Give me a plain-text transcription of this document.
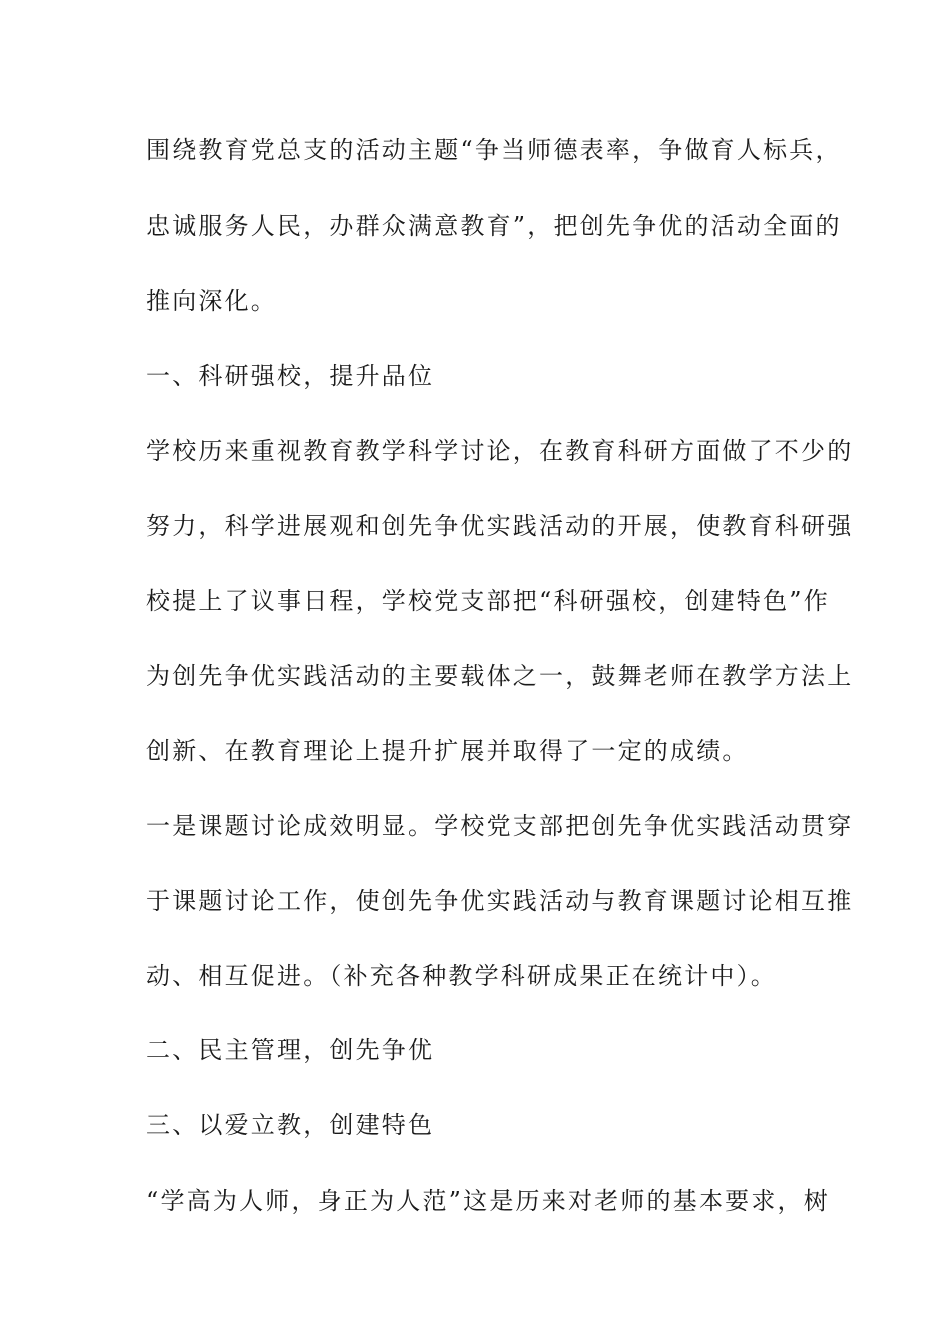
围绕教育党总支的活动主题“争当师德表率，争做育人标兵，
忠诚服务人民，办群众满意教育”，把创先争优的活动全面的
推向深化。
一、科研强校，提升品位
学校历来重视教育教学科学讨论，在教育科研方面做了不少的
努力，科学进展观和创先争优实践活动的开展，使教育科研强
校提上了议事日程，学校党支部把“科研强校，创建特色”作
为创先争优实践活动的主要载体之一，鼓舞老师在教学方法上
创新、在教育理论上提升扩展并取得了一定的成绩。
一是课题讨论成效明显。学校党支部把创先争优实践活动贯穿
于课题讨论工作，使创先争优实践活动与教育课题讨论相互推
动、相互促进。（补充各种教学科研成果正在统计中）。
二、民主管理，创先争优
三、以爱立教，创建特色
“学高为人师，身正为人范”这是历来对老师的基本要求，树
